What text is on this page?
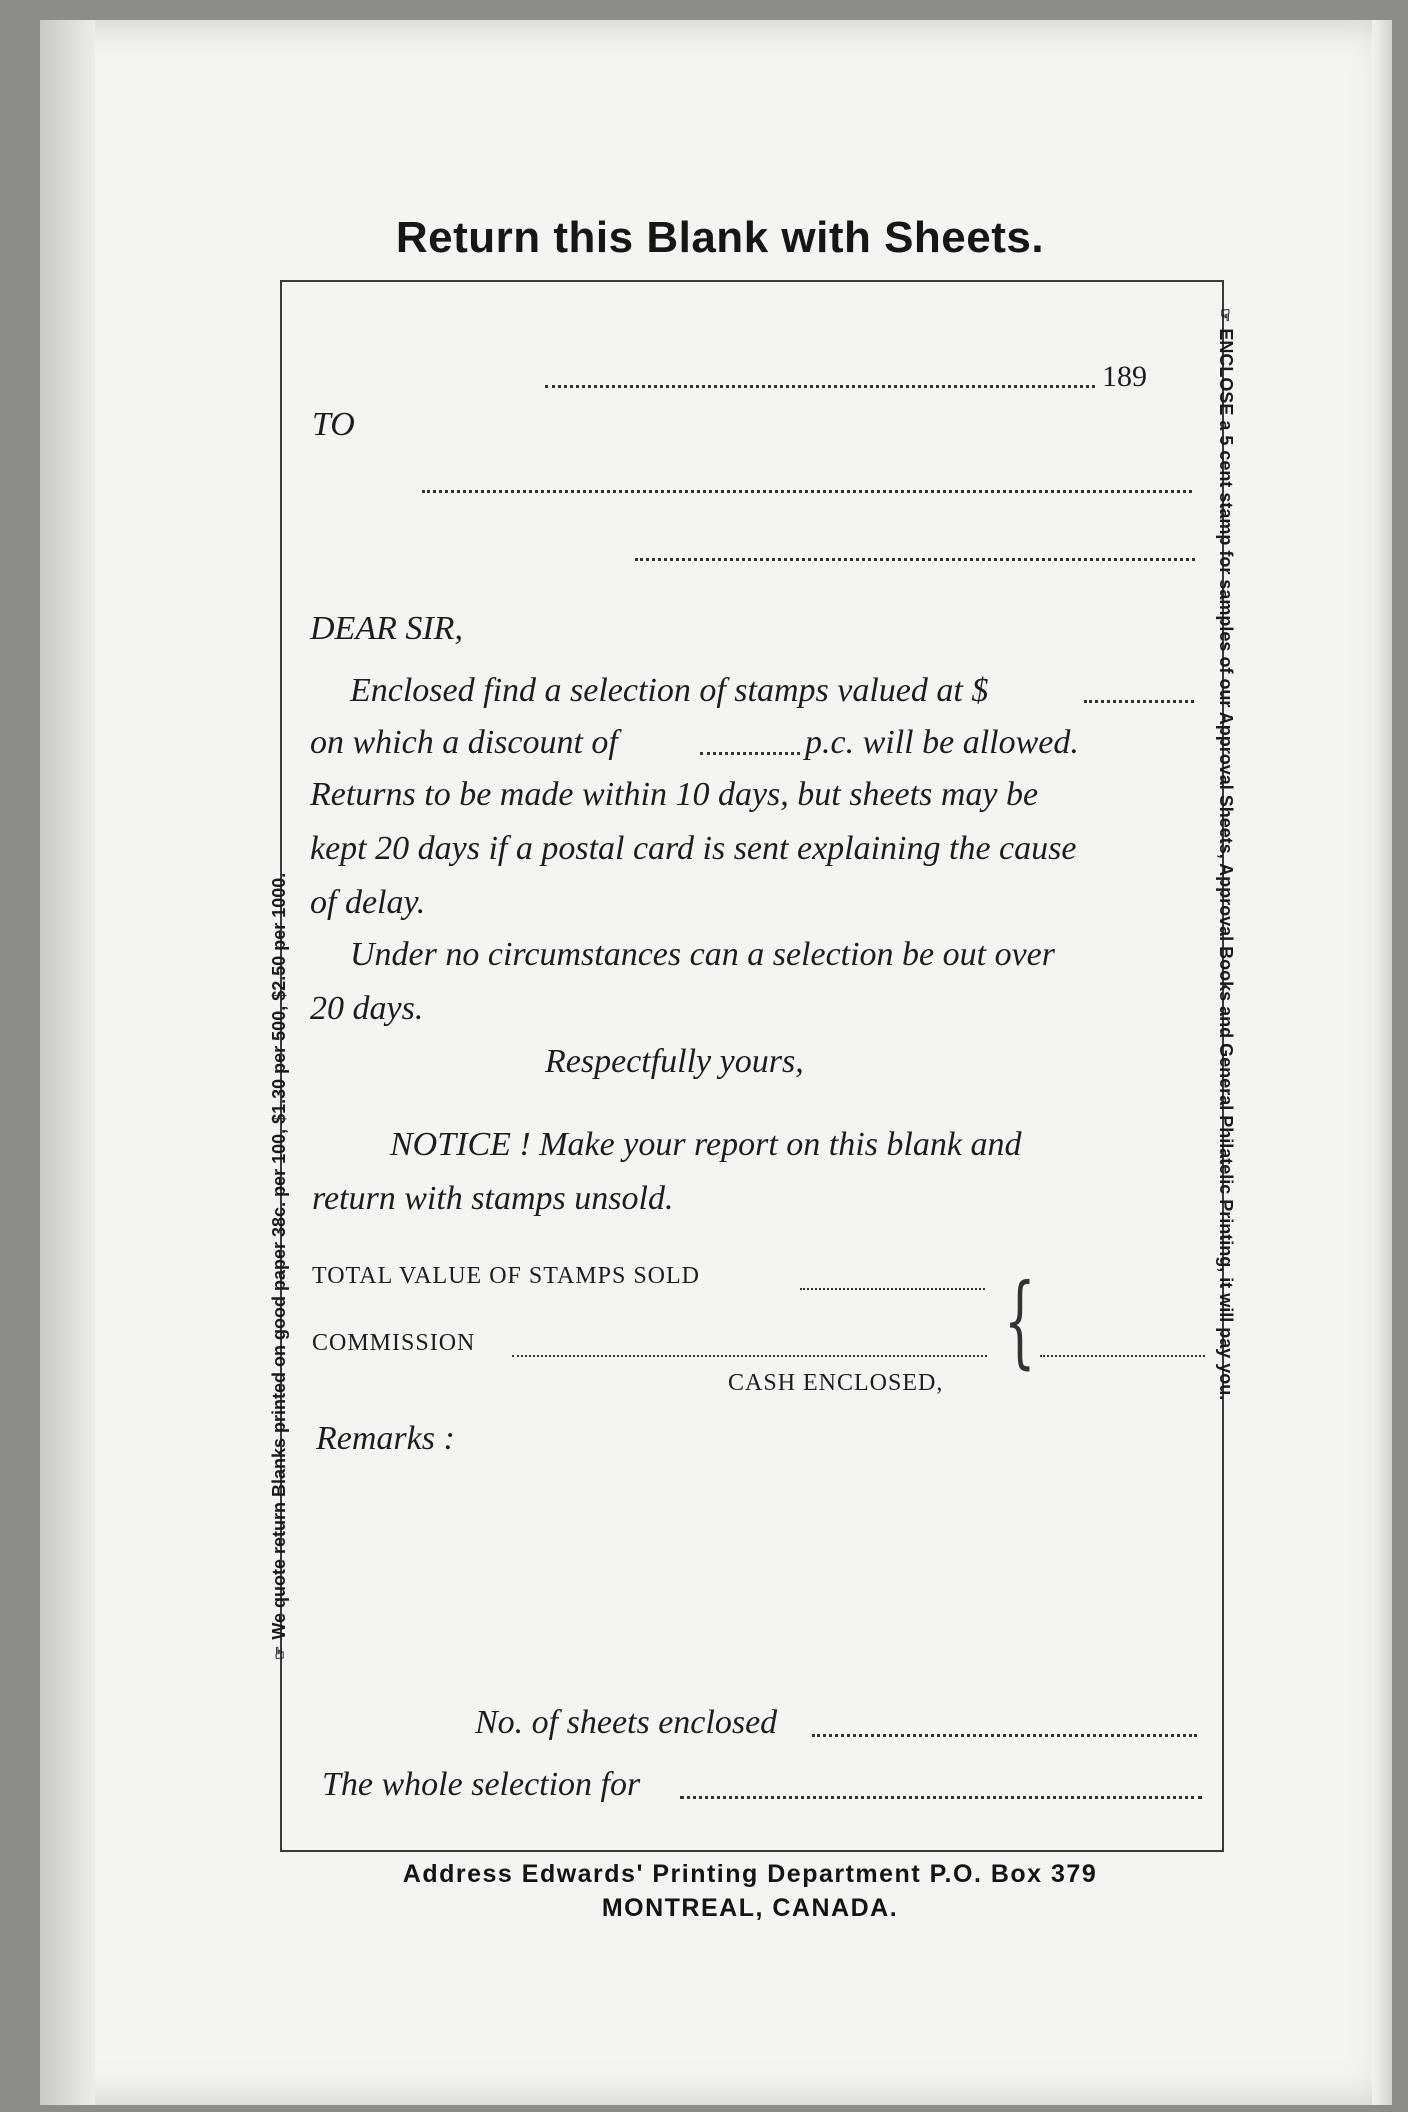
Return this Blank with Sheets.
189
TO
DEAR SIR,
Enclosed find a selection of stamps valued at $
on which a discount of	p.c. will be allowed.
Returns to be made within 10 days, but sheets may be
kept 20 days if a postal card is sent explaining the cause
of delay.
Under no circumstances can a selection be out over
20 days.
Respectfully yours,
NOTICE ! Make your report on this blank and
return with stamps unsold.
TOTAL VALUE OF STAMPS SOLD	{
COMMISSION
CASH ENCLOSED,
Remarks :
No. of sheets enclosed
The whole selection for
☞We quote return Blanks printed on good paper 38c. per 100, $1.30 per 500, $2.50 per 1000.
☞ENCLOSE a 5 cent stamp for samples of our Approval Sheets, Approval Books and General Philatelic Printing, it will pay you.
Address Edwards' Printing Department P.O. Box 379
MONTREAL, CANADA.
